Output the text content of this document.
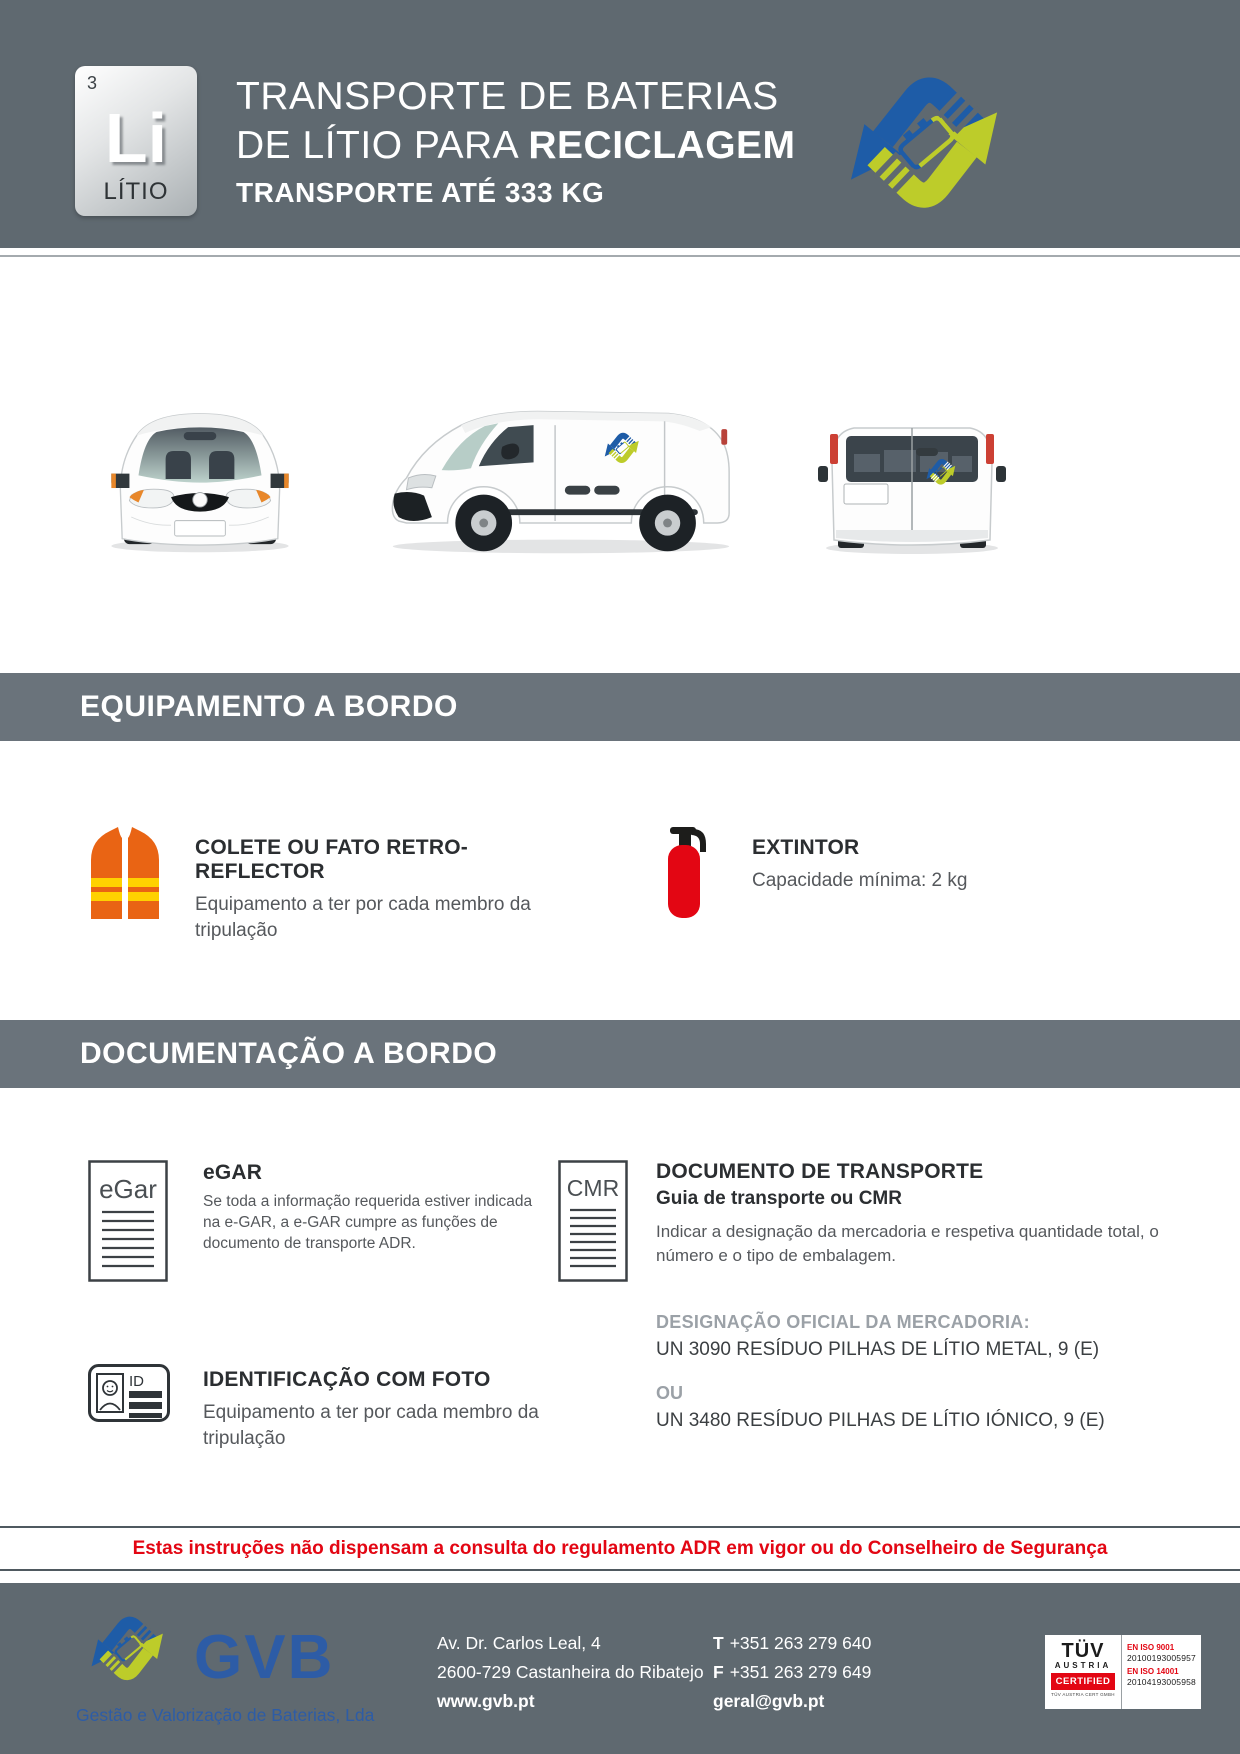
3
Li
LÍTIO
TRANSPORTE DE BATERIAS
DE LÍTIO PARA RECICLAGEM
TRANSPORTE ATÉ 333 KG
EQUIPAMENTO A BORDO
COLETE OU FATO RETRO-REFLECTOR

Equipamento a ter por cada membro da tripulação

EXTINTOR

Capacidade mínima: 2 kg

DOCUMENTAÇÃO A BORDO
eGar
eGAR

Se toda a informação requerida estiver indicada na e-GAR, a e-GAR cumpre as funções de documento de transporte ADR.

CMR
DOCUMENTO DE TRANSPORTE
Guia de transporte ou CMR

Indicar a designação da mercadoria e respetiva quantidade total, o número e o tipo de embalagem.

DESIGNAÇÃO OFICIAL DA MERCADORIA:
UN 3090 RESÍDUO PILHAS DE LÍTIO METAL, 9 (E)
OU
UN 3480 RESÍDUO PILHAS DE LÍTIO IÓNICO, 9 (E)
ID	IDENTIFICAÇÃO COM FOTO

Equipamento a ter por cada membro da tripulação

Estas instruções não dispensam a consulta do regulamento ADR em vigor ou do Conselheiro de Segurança

GVB
Gestão e Valorização de Baterias, Lda
Av. Dr. Carlos Leal, 4
2600-729 Castanheira do Ribatejo
www.gvb.pt
T +351 263 279 640
F +351 263 279 649
geral@gvb.pt
TÜV
AUSTRIA
CERTIFIED
TÜV AUSTRIA CERT GMBH
EN ISO 9001
20100193005957
EN ISO 14001
20104193005958
